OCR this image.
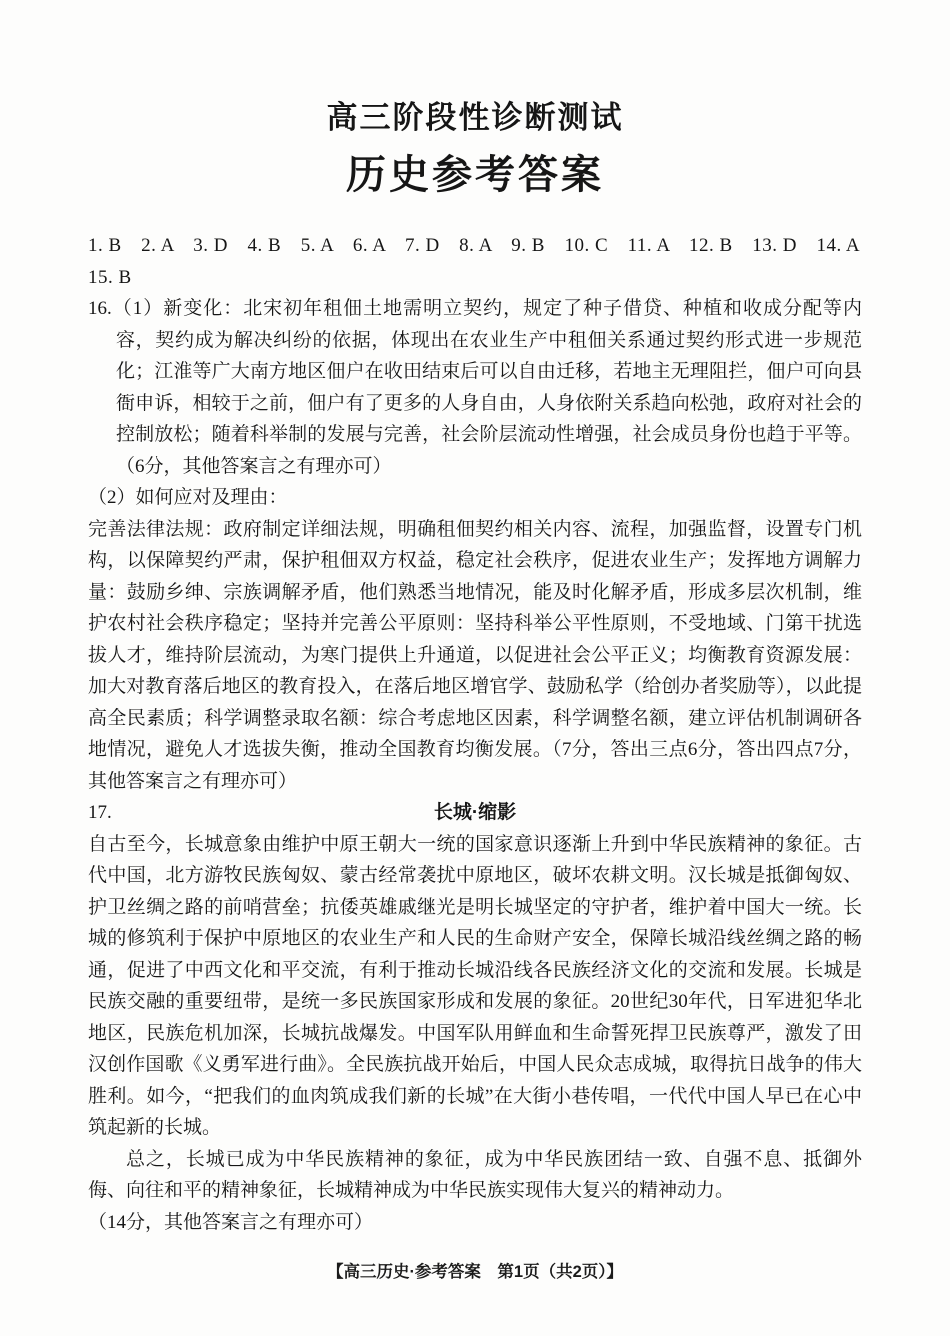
高三阶段性诊断测试
历史参考答案

1. B　2. A　3. D　4. B　5. A　6. A　7. D　8. A　9. B　10. C　11. A　12. B　13. D　14. A

15. B

16.（1）新变化：北宋初年租佃土地需明立契约，规定了种子借贷、种植和收成分配等内容，契约成为解决纠纷的依据，体现出在农业生产中租佃关系通过契约形式进一步规范化；江淮等广大南方地区佃户在收田结束后可以自由迁移，若地主无理阻拦，佃户可向县衙申诉，相较于之前，佃户有了更多的人身自由，人身依附关系趋向松弛，政府对社会的控制放松；随着科举制的发展与完善，社会阶层流动性增强，社会成员身份也趋于平等。（6分，其他答案言之有理亦可）

（2）如何应对及理由：

完善法律法规：政府制定详细法规，明确租佃契约相关内容、流程，加强监督，设置专门机构，以保障契约严肃，保护租佃双方权益，稳定社会秩序，促进农业生产；发挥地方调解力量：鼓励乡绅、宗族调解矛盾，他们熟悉当地情况，能及时化解矛盾，形成多层次机制，维护农村社会秩序稳定；坚持并完善公平原则：坚持科举公平性原则，不受地域、门第干扰选拔人才，维持阶层流动，为寒门提供上升通道，以促进社会公平正义；均衡教育资源发展：加大对教育落后地区的教育投入，在落后地区增官学、鼓励私学（给创办者奖励等），以此提高全民素质；科学调整录取名额：综合考虑地区因素，科学调整名额，建立评估机制调研各地情况，避免人才选拔失衡，推动全国教育均衡发展。（7分，答出三点6分，答出四点7分，其他答案言之有理亦可）

17.	长城·缩影

自古至今，长城意象由维护中原王朝大一统的国家意识逐渐上升到中华民族精神的象征。古代中国，北方游牧民族匈奴、蒙古经常袭扰中原地区，破坏农耕文明。汉长城是抵御匈奴、护卫丝绸之路的前哨营垒；抗倭英雄戚继光是明长城坚定的守护者，维护着中国大一统。长城的修筑利于保护中原地区的农业生产和人民的生命财产安全，保障长城沿线丝绸之路的畅通，促进了中西文化和平交流，有利于推动长城沿线各民族经济文化的交流和发展。长城是民族交融的重要纽带，是统一多民族国家形成和发展的象征。20世纪30年代，日军进犯华北地区，民族危机加深，长城抗战爆发。中国军队用鲜血和生命誓死捍卫民族尊严，激发了田汉创作国歌《义勇军进行曲》。全民族抗战开始后，中国人民众志成城，取得抗日战争的伟大胜利。如今，“把我们的血肉筑成我们新的长城”在大街小巷传唱，一代代中国人早已在心中筑起新的长城。

总之，长城已成为中华民族精神的象征，成为中华民族团结一致、自强不息、抵御外侮、向往和平的精神象征，长城精神成为中华民族实现伟大复兴的精神动力。

（14分，其他答案言之有理亦可）

【高三历史·参考答案　第1页（共2页）】
